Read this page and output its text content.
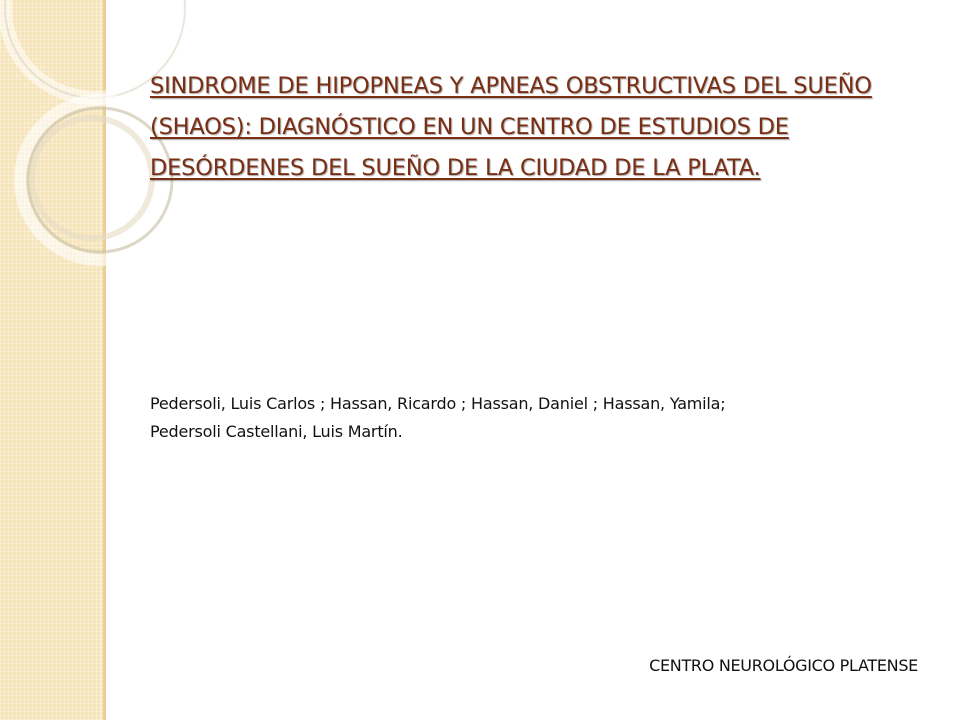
SINDROME DE HIPOPNEAS Y APNEAS OBSTRUCTIVAS DEL SUEÑO (SHAOS): DIAGNÓSTICO EN UN CENTRO DE ESTUDIOS DE DESÓRDENES DEL SUEÑO DE LA CIUDAD DE LA PLATA.

Pedersoli, Luis Carlos ; Hassan, Ricardo ; Hassan, Daniel ; Hassan, Yamila; Pedersoli Castellani, Luis Martín.

CENTRO NEUROLÓGICO PLATENSE
